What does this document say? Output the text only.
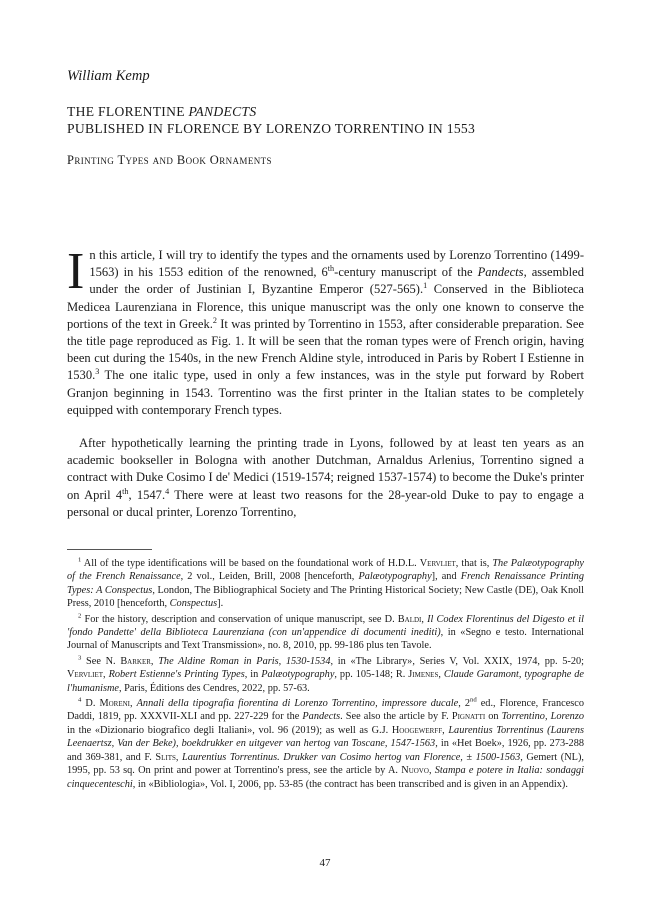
William Kemp
THE FLORENTINE PANDECTS
PUBLISHED IN FLORENCE BY LORENZO TORRENTINO IN 1553
Printing Types and Book Ornaments
In this article, I will try to identify the types and the ornaments used by Lorenzo Torrentino (1499-1563) in his 1553 edition of the renowned, 6th-century manuscript of the Pandects, assembled under the order of Justinian I, Byzantine Emperor (527-565).$^1$ Conserved in the Biblioteca Medicea Laurenziana in Florence, this unique manuscript was the only one known to conserve the portions of the text in Greek.$^2$ It was printed by Torrentino in 1553, after considerable preparation. See the title page reproduced as Fig. 1. It will be seen that the roman types were of French origin, having been cut during the 1540s, in the new French Aldine style, introduced in Paris by Robert I Estienne in 1530.$^3$ The one italic type, used in only a few instances, was in the style put forward by Robert Granjon beginning in 1543. Torrentino was the first printer in the Italian states to be completely equipped with contemporary French types.
After hypothetically learning the printing trade in Lyons, followed by at least ten years as an academic bookseller in Bologna with another Dutchman, Arnaldus Arlenius, Torrentino signed a contract with Duke Cosimo I de' Medici (1519-1574; reigned 1537-1574) to become the Duke's printer on April 4th, 1547.$^4$ There were at least two reasons for the 28-year-old Duke to pay to engage a personal or ducal printer, Lorenzo Torrentino,

$^1$ All of the type identifications will be based on the foundational work of H.D.L. Vervliet, that is, The Palæotypography of the French Renaissance, 2 vol., Leiden, Brill, 2008 [henceforth, Palæotypography], and French Renaissance Printing Types: A Conspectus, London, The Bibliographical Society and The Printing Historical Society; New Castle (DE), Oak Knoll Press, 2010 [henceforth, Conspectus].

$^2$ For the history, description and conservation of unique manuscript, see D. Baldi, Il Codex Florentinus del Digesto et il 'fondo Pandette' della Biblioteca Laurenziana (con un'appendice di documenti inediti), in «Segno e testo. International Journal of Manuscripts and Text Transmission», no. 8, 2010, pp. 99-186 plus ten Tavole.

$^3$ See N. Barker, The Aldine Roman in Paris, 1530-1534, in «The Library», Series V, Vol. XXIX, 1974, pp. 5-20; Vervliet, Robert Estienne's Printing Types, in Palæotypography, pp. 105-148; R. Jimenes, Claude Garamont, typographe de l'humanisme, Paris, Éditions des Cendres, 2022, pp. 57-63.

$^4$ D. Moreni, Annali della tipografia fiorentina di Lorenzo Torrentino, impressore ducale, 2nd ed., Florence, Francesco Daddi, 1819, pp. XXXVII-XLI and pp. 227-229 for the Pandects. See also the article by F. Pignatti on Torrentino, Lorenzo in the «Dizionario biografico degli Italiani», vol. 96 (2019); as well as G.J. Hoogewerff, Laurentius Torrentinus (Laurens Leenaertsz, Van der Beke), boekdrukker en uitgever van hertog van Toscane, 1547-1563, in «Het Boek», 1926, pp. 273-288 and 369-381, and F. Slits, Laurentius Torrentinus. Drukker van Cosimo hertog van Florence, ± 1500-1563, Gemert (NL), 1995, pp. 53 sq. On print and power at Torrentino's press, see the article by A. Nuovo, Stampa e potere in Italia: sondaggi cinquecenteschi, in «Bibliologia», Vol. I, 2006, pp. 53-85 (the contract has been transcribed and is given in an Appendix).

47
